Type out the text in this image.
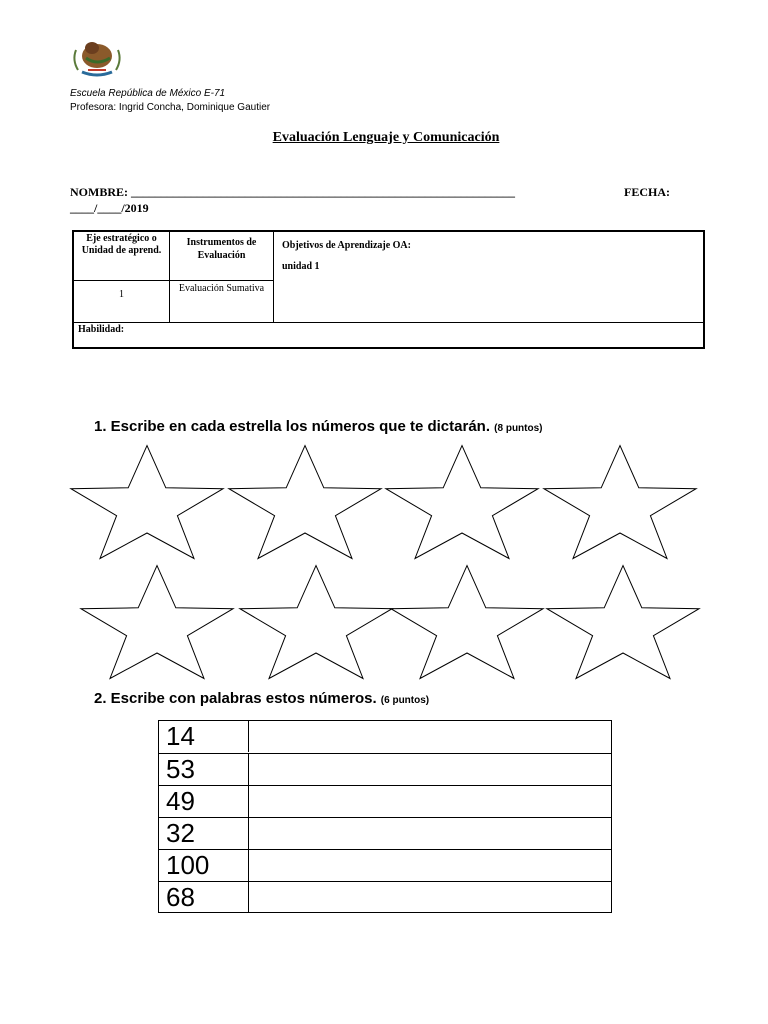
Escuela República de México E-71
Profesora: Ingrid Concha, Dominique Gautier
Evaluación Lenguaje y Comunicación
NOMBRE: ________________________________________________________________	FECHA:
____/____/2019
Eje estratégico o Unidad de aprend.
Instrumentos de Evaluación
Objetivos de Aprendizaje OA:
unidad 1
1
Evaluación Sumativa
Habilidad:
1. Escribe en cada estrella los números que te dictarán. (8 puntos)
2. Escribe con palabras estos números. (6 puntos)
14
53
49
32
100
68
